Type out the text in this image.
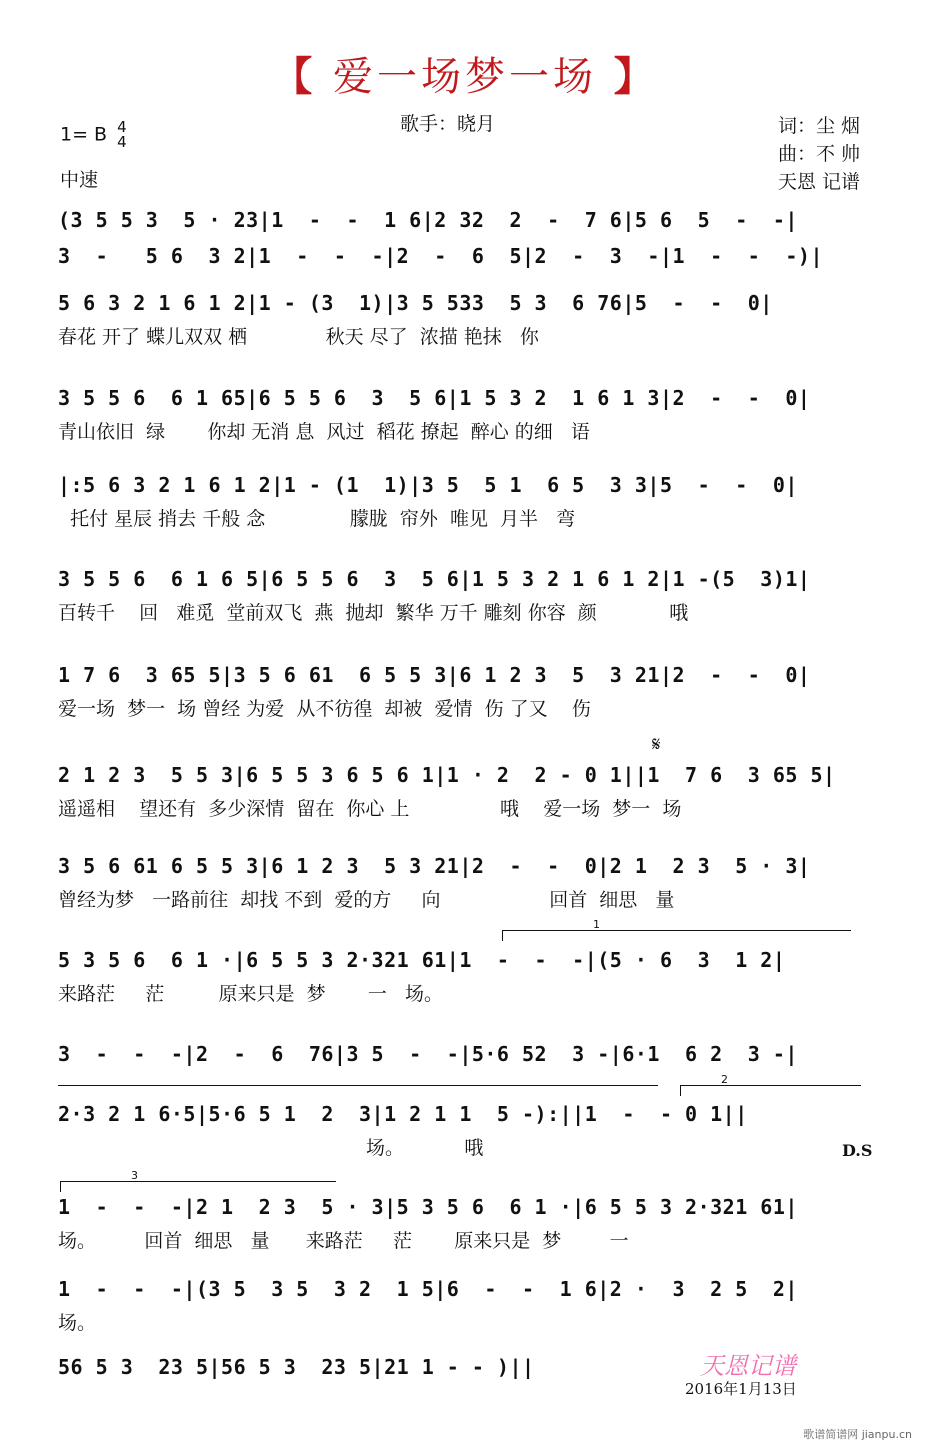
【 爱一场梦一场 】
1= B 4
4
中速
歌手：晓月	词：尘 烟
曲：不 帅
天恩 记谱
(3 5 5 3  5 · 23|1  -  -  1 6|2 32  2  -  7 6|5 6  5  -  -|
3  -   5 6  3 2|1  -  -  -|2  -  6  5|2  -  3  -|1  -  -  -)|
5 6 3 2 1 6 1 2|1 - (3  1)|3 5 533  5 3  6 76|5  -  -  0|
春花 开了 蝶儿双双 栖             秋天 尽了  浓描 艳抹   你
3 5 5 6  6 1 65|6 5 5 6  3  5 6|1 5 3 2  1 6 1 3|2  -  -  0|
青山依旧  绿       你却 无消 息  风过  稻花 撩起  醉心 的细   语
|:5 6 3 2 1 6 1 2|1 - (1  1)|3 5  5 1  6 5  3 3|5  -  -  0|
托付 星辰 捎去 千般 念              朦胧  帘外  唯见  月半   弯
3 5 5 6  6 1 6 5|6 5 5 6  3  5 6|1 5 3 2 1 6 1 2|1 -(5  3)1|
百转千    回   难觅  堂前双飞  燕  抛却  繁华 万千 雕刻 你容  颜            哦
1 7 6  3 65 5|3 5 6 61  6 5 5 3|6 1 2 3  5  3 21|2  -  -  0|
爱一场  梦一  场 曾经 为爱  从不彷徨  却被  爱情  伤 了又    伤
𝄋
2 1 2 3  5 5 3|6 5 5 3 6 5 6 1|1 · 2  2 - 0 1||1  7 6  3 65 5|
遥遥相    望还有  多少深情  留在  你心 上               哦    爱一场  梦一  场
3 5 6 61 6 5 5 3|6 1 2 3  5 3 21|2  -  -  0|2 1  2 3  5 · 3|
曾经为梦   一路前往  却找 不到  爱的方     向                  回首  细思   量
1
5 3 5 6  6 1 ·|6 5 5 3 2·321 61|1  -  -  -|(5 · 6  3  1 2|
来路茫     茫         原来只是  梦       一   场。
3  -  -  -|2  -  6  76|3 5  -  -|5·6 52  3 -|6·1  6 2  3 -|
2
2·3 2 1 6·5|5·6 5 1  2  3|1 2 1 1  5 -):||1  -  - 0 1||
场。          哦	D.S
3
1  -  -  -|2 1  2 3  5 · 3|5 3 5 6  6 1 ·|6 5 5 3 2·321 61|
场。        回首  细思   量      来路茫     茫       原来只是  梦        一
1  -  -  -|(3 5  3 5  3 2  1 5|6  -  -  1 6|2 ·  3  2 5  2|
场。
56 5 3  23 5|56 5 3  23 5|21 1 - - )||	天恩记谱
2016年1月13日
歌谱简谱网 jianpu.cn
